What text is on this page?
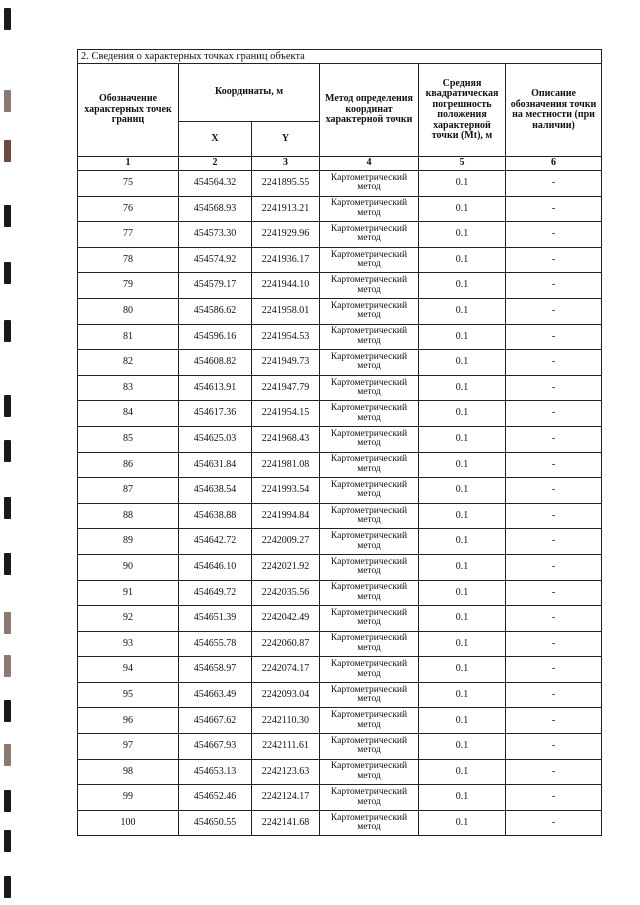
2. Сведения о характерных точках границ объекта					
Обозначение характерных точек границ	Координаты, м		Метод определения координат характерной точки	Средняя квадратическая погрешность положения характерной точки (Mt), м	Описание обозначения точки на местности (при наличии)
	X	Y			
1	2	3	4	5	6
75	454564.32	2241895.55	Картометрический метод	0.1	-
76	454568.93	2241913.21	Картометрический метод	0.1	-
77	454573.30	2241929.96	Картометрический метод	0.1	-
78	454574.92	2241936.17	Картометрический метод	0.1	-
79	454579.17	2241944.10	Картометрический метод	0.1	-
80	454586.62	2241958.01	Картометрический метод	0.1	-
81	454596.16	2241954.53	Картометрический метод	0.1	-
82	454608.82	2241949.73	Картометрический метод	0.1	-
83	454613.91	2241947.79	Картометрический метод	0.1	-
84	454617.36	2241954.15	Картометрический метод	0.1	-
85	454625.03	2241968.43	Картометрический метод	0.1	-
86	454631.84	2241981.08	Картометрический метод	0.1	-
87	454638.54	2241993.54	Картометрический метод	0.1	-
88	454638.88	2241994.84	Картометрический метод	0.1	-
89	454642.72	2242009.27	Картометрический метод	0.1	-
90	454646.10	2242021.92	Картометрический метод	0.1	-
91	454649.72	2242035.56	Картометрический метод	0.1	-
92	454651.39	2242042.49	Картометрический метод	0.1	-
93	454655.78	2242060.87	Картометрический метод	0.1	-
94	454658.97	2242074.17	Картометрический метод	0.1	-
95	454663.49	2242093.04	Картометрический метод	0.1	-
96	454667.62	2242110.30	Картометрический метод	0.1	-
97	454667.93	2242111.61	Картометрический метод	0.1	-
98	454653.13	2242123.63	Картометрический метод	0.1	-
99	454652.46	2242124.17	Картометрический метод	0.1	-
100	454650.55	2242141.68	Картометрический метод	0.1	-
